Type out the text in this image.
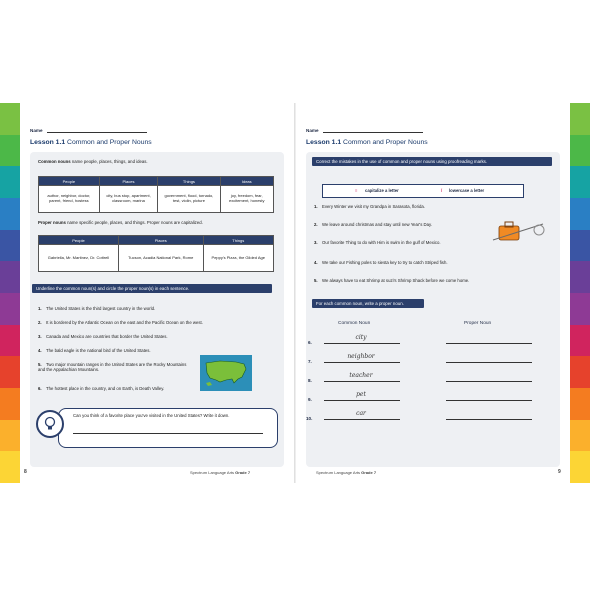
Name
Lesson 1.1 Common and Proper Nouns
Common nouns name people, places, things, and ideas.
People	Places	Things	Ideas
author, neighbor, doctor, parent, friend, hostess	city, bus stop, apartment, classroom, marina	government, flood, tornado, test, violin, picture	joy, freedom, fear, excitement, honesty
Proper nouns name specific people, places, and things. Proper nouns are capitalized.
People	Places	Things
Gabriella, Mr. Martinez, Dr. Cottrell	Tucson, Acadia National Park, Rome	Peppy's Pizza, the Gilded Age
Underline the common noun(s) and circle the proper noun(s) in each sentence.
1. The United States is the third largest country in the world.
2. It is bordered by the Atlantic Ocean on the east and the Pacific Ocean on the west.
3. Canada and Mexico are countries that border the United States.
4. The bald eagle is the national bird of the United States.
5. Two major mountain ranges in the United States are the Rocky Mountains and the Appalachian Mountains.
6. The hottest place in the country, and on Earth, is Death Valley.
Can you think of a favorite place you've visited in the United States? Write it down.
8	Spectrum Language Arts Grade 7
Name
Lesson 1.1 Common and Proper Nouns
Correct the mistakes in the use of common and proper nouns using proofreading marks.
≡ capitalize a letter	/ lowercase a letter
1. Every Winter we visit my Grandpa in Sarasota, florida.
2. We leave around christmas and stay until new Year's Day.
3. Our favorite Thing to do with Him is swim in the gulf of Mexico.
4. We take our Fishing poles to siesta key to try to catch Striped fish.
5. We always have to eat Shrimp at suzi's Shrimp Shack before we come home.
For each common noun, write a proper noun.
Common Noun	Proper Noun
6.
city
7.
neighbor
8.
teacher
9.
pet
10.
car
Spectrum Language Arts Grade 7	9
